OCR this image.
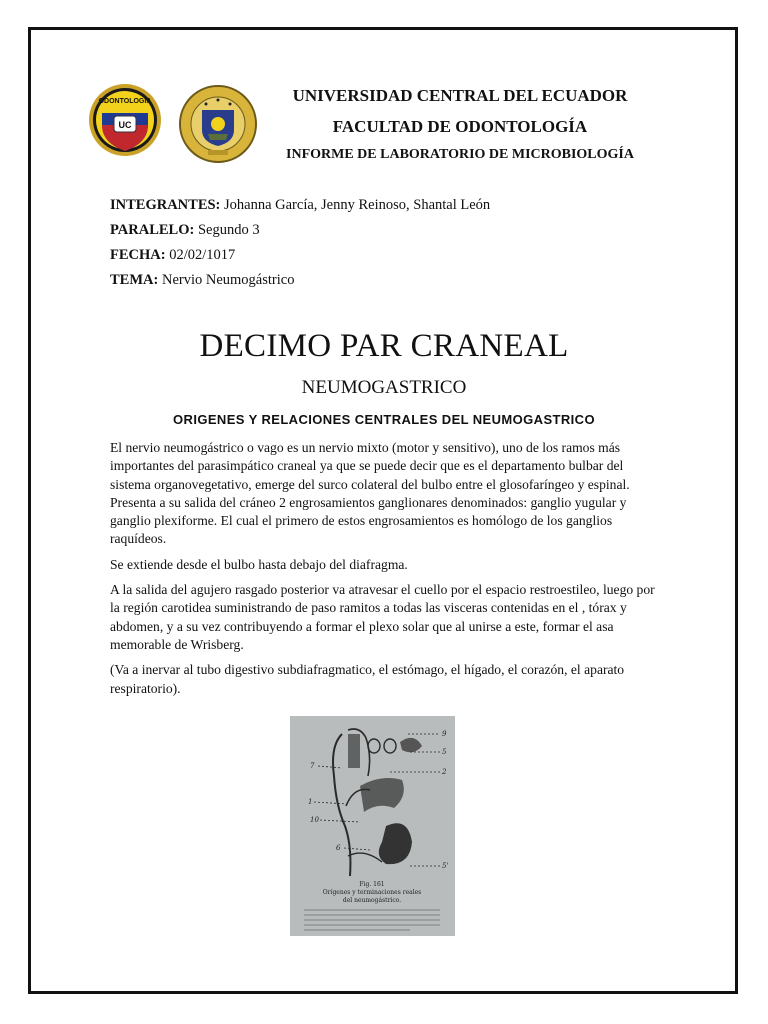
UC
ODONTOLOGIA	UNIVERSIDAD CENTRAL DEL ECUADOR
FACULTAD DE ODONTOLOGÍA
INFORME DE LABORATORIO DE MICROBIOLOGÍA
INTEGRANTES: Johanna García, Jenny Reinoso, Shantal León
PARALELO: Segundo 3
FECHA: 02/02/1017
TEMA: Nervio Neumogástrico
DECIMO PAR CRANEAL
NEUMOGASTRICO
ORIGENES Y RELACIONES CENTRALES DEL NEUMOGASTRICO

El nervio neumogástrico o vago es un nervio mixto (motor y sensitivo), uno de los ramos más importantes del parasimpático craneal ya que se puede decir que es el departamento bulbar del sistema organovegetativo, emerge del surco colateral del bulbo entre el glosofaríngeo y espinal. Presenta a su salida del cráneo 2 engrosamientos ganglionares denominados: ganglio yugular y ganglio plexiforme. El cual el primero de estos engrosamientos es homólogo de los ganglios raquídeos.

Se extiende desde el bulbo hasta debajo del diafragma.

A la salida del agujero rasgado posterior va atravesar el cuello por el espacio restroestileo, luego por la región carotidea suministrando de paso ramitos a todas las visceras contenidas en el , tórax y abdomen, y a su vez contribuyendo a formar el plexo solar que al unirse a este, formar el asa memorable de Wrisberg.

(Va a inervar al tubo digestivo subdiafragmatico, el estómago, el hígado, el corazón, el aparato respiratorio).

9
5
7
2
1
10
6
5'
Fig. 161
Orígenes y terminaciones reales
del neumogástrico.
